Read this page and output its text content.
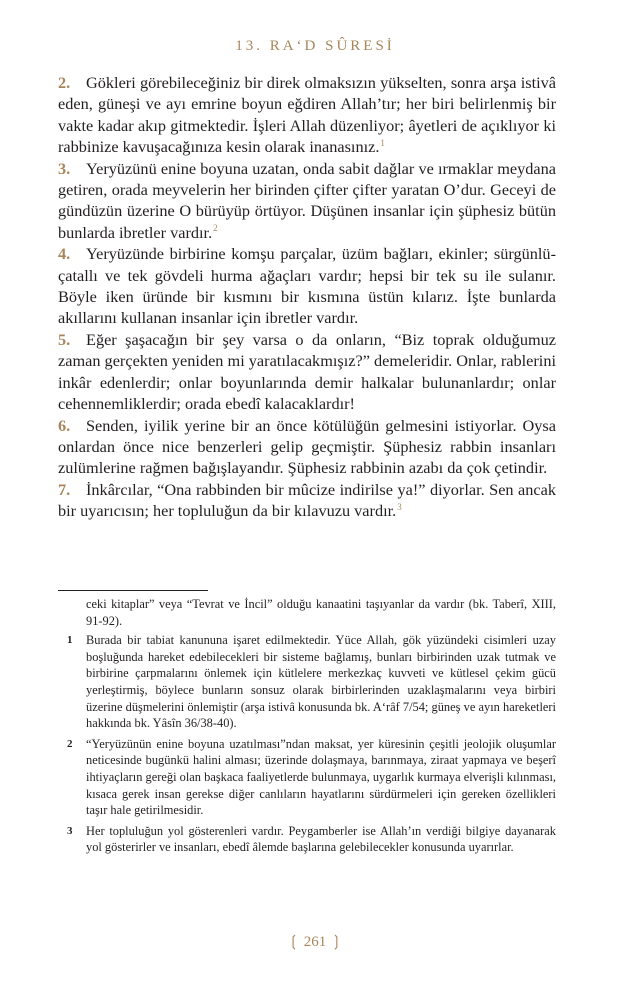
13. RA‘D SÛRESİ

2. Gökleri görebileceğiniz bir direk olmaksızın yükselten, sonra arşa istivâ eden, güneşi ve ayı emrine boyun eğdiren Allah’tır; her biri belirlenmiş bir vakte kadar akıp gitmektedir. İşleri Allah düzenliyor; âyetleri de açıklıyor ki rabbinize kavuşacağınıza kesin olarak inanasınız.$^1$

3. Yeryüzünü enine boyuna uzatan, onda sabit dağlar ve ırmaklar meydana getiren, orada meyvelerin her birinden çifter çifter yaratan O’dur. Geceyi de gündüzün üzerine O bürüyüp örtüyor. Düşünen insanlar için şüphesiz bütün bunlarda ibretler vardır.$^2$

4. Yeryüzünde birbirine komşu parçalar, üzüm bağları, ekinler; sürgünlü-çatallı ve tek gövdeli hurma ağaçları vardır; hepsi bir tek su ile sulanır. Böyle iken üründe bir kısmını bir kısmına üstün kılarız. İşte bunlarda akıllarını kullanan insanlar için ibretler vardır.

5. Eğer şaşacağın bir şey varsa o da onların, “Biz toprak olduğumuz zaman gerçekten yeniden mi yaratılacakmışız?” demeleridir. Onlar, rablerini inkâr edenlerdir; onlar boyunlarında demir halkalar bulunanlardır; onlar cehennemliklerdir; orada ebedî kalacaklardır!

6. Senden, iyilik yerine bir an önce kötülüğün gelmesini istiyorlar. Oysa onlardan önce nice benzerleri gelip geçmiştir. Şüphesiz rabbin insanları zulümlerine rağmen bağışlayandır. Şüphesiz rabbinin azabı da çok çetindir.

7. İnkârcılar, “Ona rabbinden bir mûcize indirilse ya!” diyorlar. Sen ancak bir uyarıcısın; her topluluğun da bir kılavuzu vardır.$^3$

ceki kitaplar” veya “Tevrat ve İncil” olduğu kanaatini taşıyanlar da vardır (bk. Taberî, XIII, 91-92).

1	Burada bir tabiat kanununa işaret edilmektedir. Yüce Allah, gök yüzündeki cisimleri uzay boşluğunda hareket edebilecekleri bir sisteme bağlamış, bunları birbirinden uzak tutmak ve birbirine çarpmalarını önlemek için kütlelere merkezkaç kuvveti ve kütlesel çekim gücü yerleştirmiş, böylece bunların sonsuz olarak birbirlerinden uzaklaşmalarını veya birbiri üzerine düşmelerini önlemiştir (arşa istivâ konusunda bk. A‘râf 7/54; güneş ve ayın hareketleri hakkında bk. Yâsîn 36/38-40).
2	“Yeryüzünün enine boyuna uzatılması”ndan maksat, yer küresinin çeşitli jeolojik oluşumlar neticesinde bugünkü halini alması; üzerinde dolaşmaya, barınmaya, ziraat yapmaya ve beşerî ihtiyaçların gereği olan başkaca faaliyetlerde bulunmaya, uygarlık kurmaya elverişli kılınması, kısaca gerek insan gerekse diğer canlıların hayatlarını sürdürmeleri için gereken özellikleri taşır hale getirilmesidir.
3	Her topluluğun yol gösterenleri vardır. Peygamberler ise Allah’ın verdiği bilgiye dayanarak yol gösterirler ve insanları, ebedî âlemde başlarına gelebilecekler konusunda uyarırlar.
❲ 261 ❳
